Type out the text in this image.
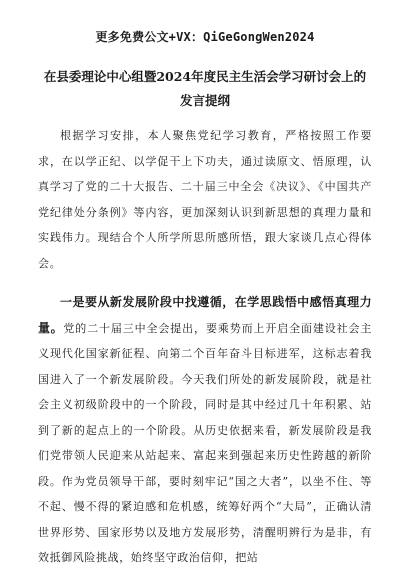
更多免费公文+VX：QiGeGongWen2024
在县委理论中心组暨2024年度民主生活会学习研讨会上的
发言提纲

根据学习安排，本人聚焦党纪学习教育，严格按照工作要求，在以学正纪、以学促干上下功夫，通过读原文、悟原理，认真学习了党的二十大报告、二十届三中全会《决议》、《中国共产党纪律处分条例》等内容，更加深刻认识到新思想的真理力量和实践伟力。现结合个人所学所思所感所悟，跟大家谈几点心得体会。

一是要从新发展阶段中找遵循，在学思践悟中感悟真理力量。党的二十届三中全会提出，要乘势而上开启全面建设社会主义现代化国家新征程、向第二个百年奋斗目标进军，这标志着我国进入了一个新发展阶段。今天我们所处的新发展阶段，就是社会主义初级阶段中的一个阶段，同时是其中经过几十年积累、站到了新的起点上的一个阶段。从历史依据来看，新发展阶段是我们党带领人民迎来从站起来、富起来到强起来历史性跨越的新阶段。作为党员领导干部，要时刻牢记“国之大者”，以坐不住、等不起、慢不得的紧迫感和危机感，统筹好两个“大局”，正确认清世界形势、国家形势以及地方发展形势，清醒明辨行为是非，有效抵御风险挑战，始终坚守政治信仰，把站
